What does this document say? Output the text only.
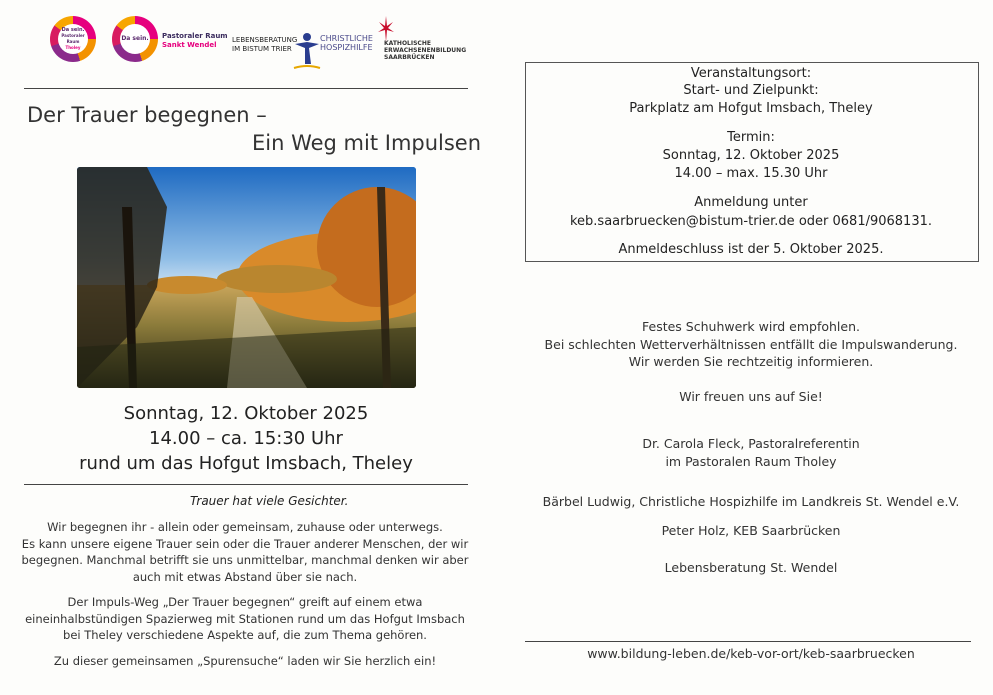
Da sein.
Pastoraler Raum
Tholey
Da sein. Pastoraler Raum
Sankt Wendel
LEBENSBERATUNG
IM BISTUM TRIER
CHRISTLICHE
HOSPIZHILFE KATHOLISCHE
ERWACHSENENBILDUNG
SAARBRÜCKEN
Der Trauer begegnen –
Ein Weg mit Impulsen
Sonntag, 12. Oktober 2025
14.00 – ca. 15:30 Uhr
rund um das Hofgut Imsbach, Theley
Trauer hat viele Gesichter.
Wir begegnen ihr - allein oder gemeinsam, zuhause oder unterwegs.
Es kann unsere eigene Trauer sein oder die Trauer anderer Menschen, der wir
begegnen. Manchmal betrifft sie uns unmittelbar, manchmal denken wir aber
auch mit etwas Abstand über sie nach.
Der Impuls-Weg „Der Trauer begegnen“ greift auf einem etwa
eineinhalbstündigen Spazierweg mit Stationen rund um das Hofgut Imsbach
bei Theley verschiedene Aspekte auf, die zum Thema gehören.
Zu dieser gemeinsamen „Spurensuche“ laden wir Sie herzlich ein!
Veranstaltungsort:
Start- und Zielpunkt:
Parkplatz am Hofgut Imsbach, Theley
Termin:
Sonntag, 12. Oktober 2025
14.00 – max. 15.30 Uhr
Anmeldung unter
keb.saarbruecken@bistum-trier.de oder 0681/9068131.
Anmeldeschluss ist der 5. Oktober 2025.
Festes Schuhwerk wird empfohlen.
Bei schlechten Wetterverhältnissen entfällt die Impulswanderung.
Wir werden Sie rechtzeitig informieren.
Wir freuen uns auf Sie!
Dr. Carola Fleck, Pastoralreferentin
im Pastoralen Raum Tholey
Bärbel Ludwig, Christliche Hospizhilfe im Landkreis St. Wendel e.V.
Peter Holz, KEB Saarbrücken
Lebensberatung St. Wendel
www.bildung-leben.de/keb-vor-ort/keb-saarbruecken
